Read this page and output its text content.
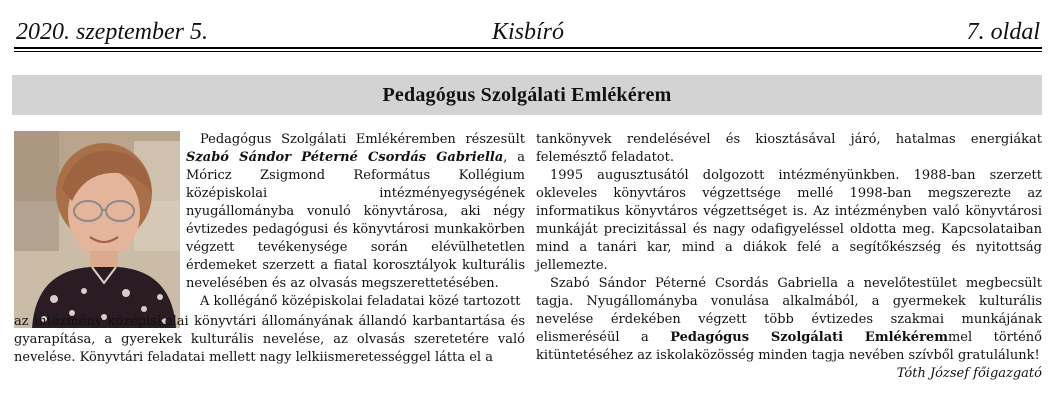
2020. szeptember 5.	Kisbíró	7. oldal
Pedagógus Szolgálati Emlékérem

Pedagógus Szolgálati Emlékéremben részesült Szabó Sándor Péterné Csordás Gabriella, a Móricz Zsigmond Református Kollégium középiskolai intézményegységének nyugállományba vonuló könyvtárosa, aki négy évtizedes pedagógusi és könyvtárosi munkakörben végzett tevékenysége során elévülhetetlen érdemeket szerzett a fiatal korosztályok kulturális nevelésében és az olvasás megszerettetésében.

A kollégánő középiskolai feladatai közé tartozott

az intézmény középiskolai könyvtári állományának állandó karbantartása és gyarapítása, a gyerekek kulturális nevelése, az olvasás szeretetére való nevelése. Könyvtári feladatai mellett nagy lelkiismeretességgel látta el a

tankönyvek rendelésével és kiosztásával járó, hatalmas energiákat felemésztő feladatot.

1995 augusztusától dolgozott intézményünkben. 1988-ban szerzett okleveles könyvtáros végzettsége mellé 1998-ban megszerezte az informatikus könyvtáros végzettséget is. Az intézményben való könyvtárosi munkáját precizitással és nagy odafigyeléssel oldotta meg. Kapcsolataiban mind a tanári kar, mind a diákok felé a segítőkészség és nyitottság jellemezte.

Szabó Sándor Péterné Csordás Gabriella a nevelőtestület megbecsült tagja. Nyugállományba vonulása alkalmából, a gyermekek kulturális nevelése érdekében végzett több évtizedes szakmai munkájának elismeréséül a Pedagógus Szolgálati Emlékéremmel történő kitüntetéséhez az iskolaközösség minden tagja nevében szívből gratulálunk!

Tóth József főigazgató
